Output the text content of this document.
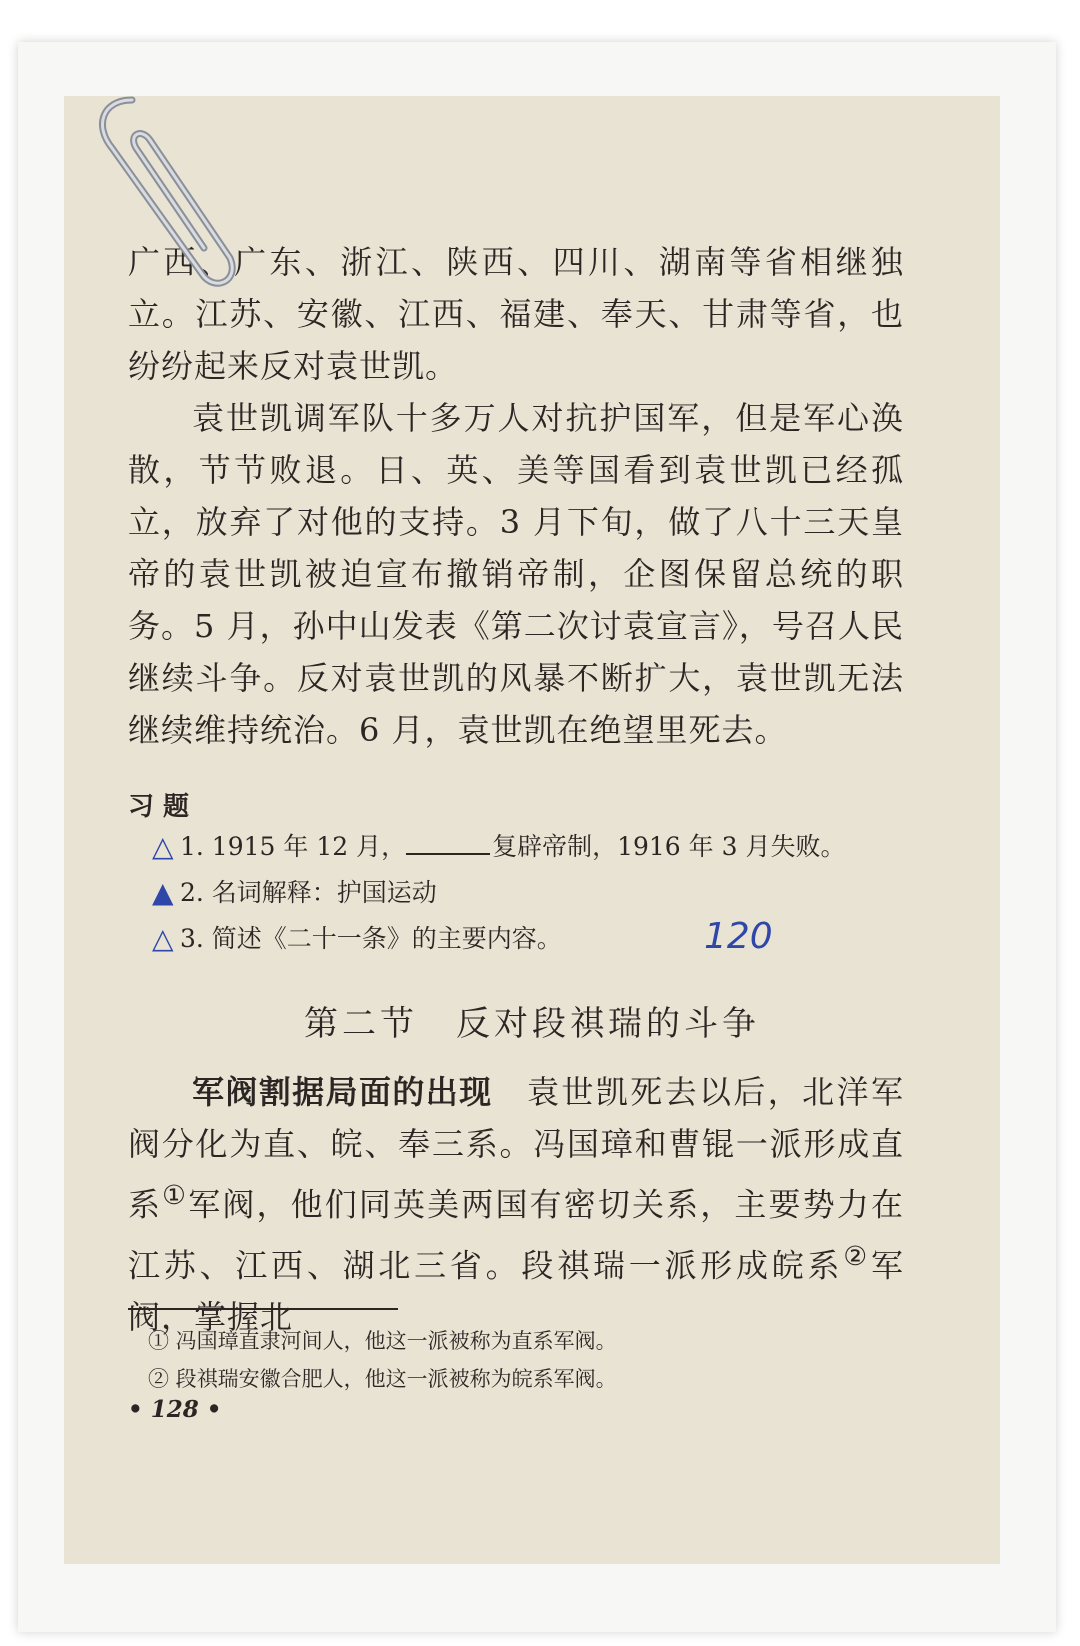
广西、广东、浙江、陕西、四川、湖南等省相继独立。江苏、安徽、江西、福建、奉天、甘肃等省，也纷纷起来反对袁世凯。

袁世凯调军队十多万人对抗护国军，但是军心涣散，节节败退。日、英、美等国看到袁世凯已经孤立，放弃了对他的支持。3 月下旬，做了八十三天皇帝的袁世凯被迫宣布撤销帝制，企图保留总统的职务。5 月，孙中山发表《第二次讨袁宣言》，号召人民继续斗争。反对袁世凯的风暴不断扩大，袁世凯无法继续维持统治。6 月，袁世凯在绝望里死去。

习 题
△ 1. 1915 年 12 月，	复辟帝制，1916 年 3 月失败。
▲ 2. 名词解释：护国运动
△ 3. 简述《二十一条》的主要内容。	120
第二节　反对段祺瑞的斗争

军阀割据局面的出现　 袁世凯死去以后，北洋军阀分化为直、皖、奉三系。冯国璋和曹锟一派形成直系①军阀，他们同英美两国有密切关系，主要势力在江苏、江西、湖北三省。段祺瑞一派形成皖系②军阀，掌握北

① 冯国璋直隶河间人，他这一派被称为直系军阀。
② 段祺瑞安徽合肥人，他这一派被称为皖系军阀。
• 128 •
